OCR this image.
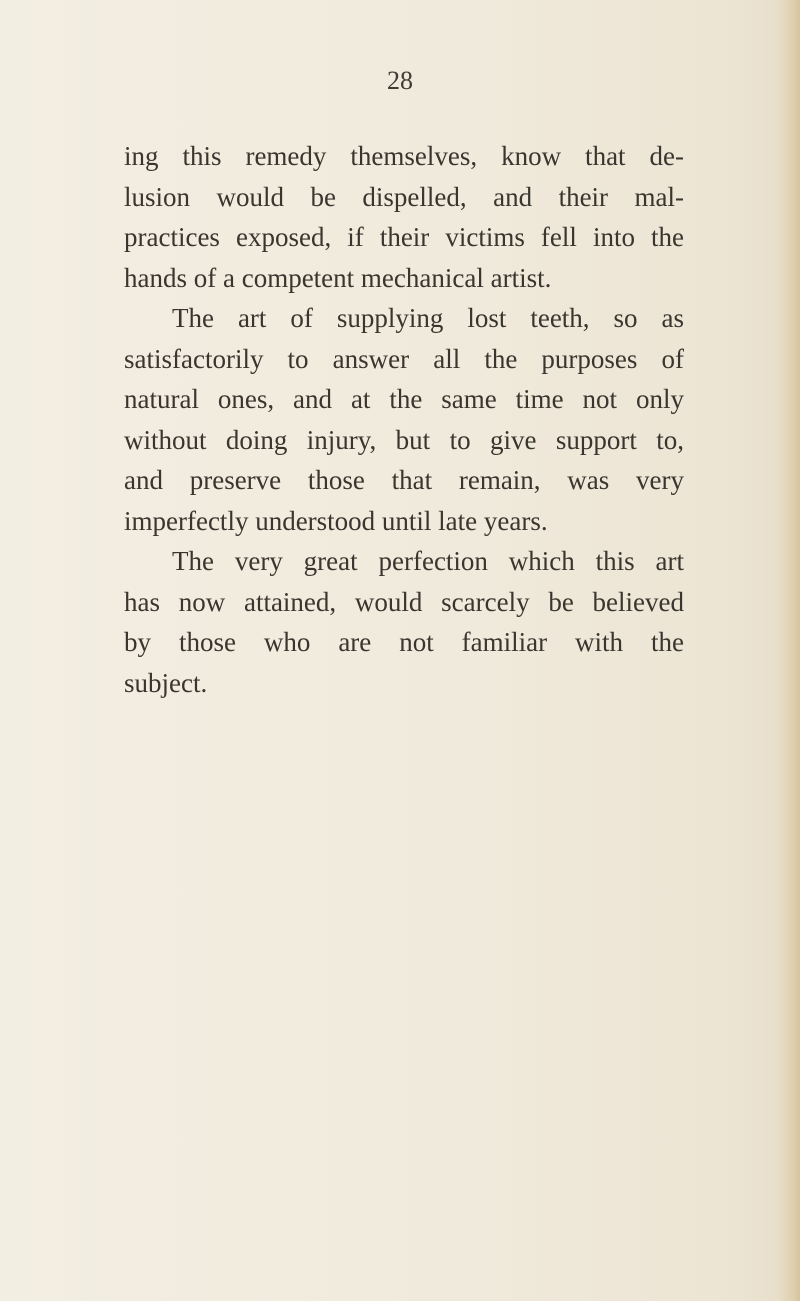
28

ing this remedy themselves, know that de-
lusion would be dispelled, and their mal-
practices exposed, if their victims fell into the
hands of a competent mechanical artist.
The art of supplying lost teeth, so as
satisfactorily to answer all the purposes of
natural ones, and at the same time not only
without doing injury, but to give support to,
and preserve those that remain, was very
imperfectly understood until late years.
The very great perfection which this art
has now attained, would scarcely be believed
by those who are not familiar with the
subject.
